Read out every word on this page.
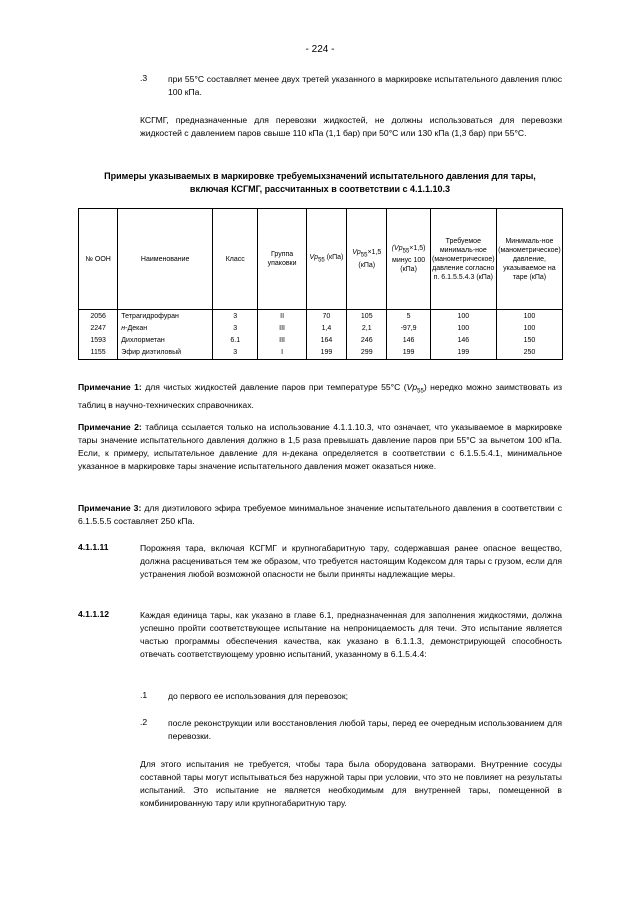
- 224 -
.3 при 55°С составляет менее двух третей указанного в маркировке испытательного давления плюс 100 кПа.
КСГМГ, предназначенные для перевозки жидкостей, не должны использоваться для перевозки жидкостей с давлением паров свыше 110 кПа (1,1 бар) при 50°С или 130 кПа (1,3 бар) при 55°С.
Примеры указываемых в маркировке требуемыхзначений испытательного давления для тары,
включая КСГМГ, рассчитанных в соответствии с 4.1.1.10.3
№ ООН	Наименование	Класс	Группа упаковки	$Vp_{55}$ (кПа)	$Vp_{55}\times 1,5$ (кПа)	$(Vp_{55}\times 1,5)$ минус 100 (кПа)	Требуемое минималь-ное (манометрическое) давление согласно п. 6.1.5.5.4.3 (кПа)	Минималь-ное (манометрическое) давление, указываемое на таре (кПа)
2056	Тетрагидрофуран	3	II	70	105	5	100	100
2247	н-Декан	3	III	1,4	2,1	-97,9	100	100
1593	Дихлорметан	6.1	III	164	246	146	146	150
1155	Эфир диэтиловый	3	I	199	299	199	199	250
Примечание 1: для чистых жидкостей давление паров при температуре 55°С $(Vp_{55})$ нередко можно заимствовать из таблиц в научно-технических справочниках.
Примечание 2: таблица ссылается только на использование 4.1.1.10.3, что означает, что указываемое в маркировке тары значение испытательного давления должно в 1,5 раза превышать давление паров при 55°С за вычетом 100 кПа. Если, к примеру, испытательное давление для н-декана определяется в соответствии с 6.1.5.5.4.1, минимальное указанное в маркировке тары значение испытательного давления может оказаться ниже.
Примечание 3: для диэтилового эфира требуемое минимальное значение испытательного давления в соответствии с 6.1.5.5.5 составляет 250 кПа.
4.1.1.11	Порожняя тара, включая КСГМГ и крупногабаритную тару, содержавшая ранее опасное вещество, должна расцениваться тем же образом, что требуется настоящим Кодексом для тары с грузом, если для устранения любой возможной опасности не были приняты надлежащие меры.
4.1.1.12	Каждая единица тары, как указано в главе 6.1, предназначенная для заполнения жидкостями, должна успешно пройти соответствующее испытание на непроницаемость для течи. Это испытание является частью программы обеспечения качества, как указано в 6.1.1.3, демонстрирующей способность отвечать соответствующему уровню испытаний, указанному в 6.1.5.4.4:
.1 до первого ее использования для перевозок;
.2 после реконструкции или восстановления любой тары, перед ее очередным использованием для перевозки.
Для этого испытания не требуется, чтобы тара была оборудована затворами. Внутренние сосуды составной тары могут испытываться без наружной тары при условии, что это не повлияет на результаты испытаний. Это испытание не является необходимым для внутренней тары, помещенной в комбинированную тару или крупногабаритную тару.
